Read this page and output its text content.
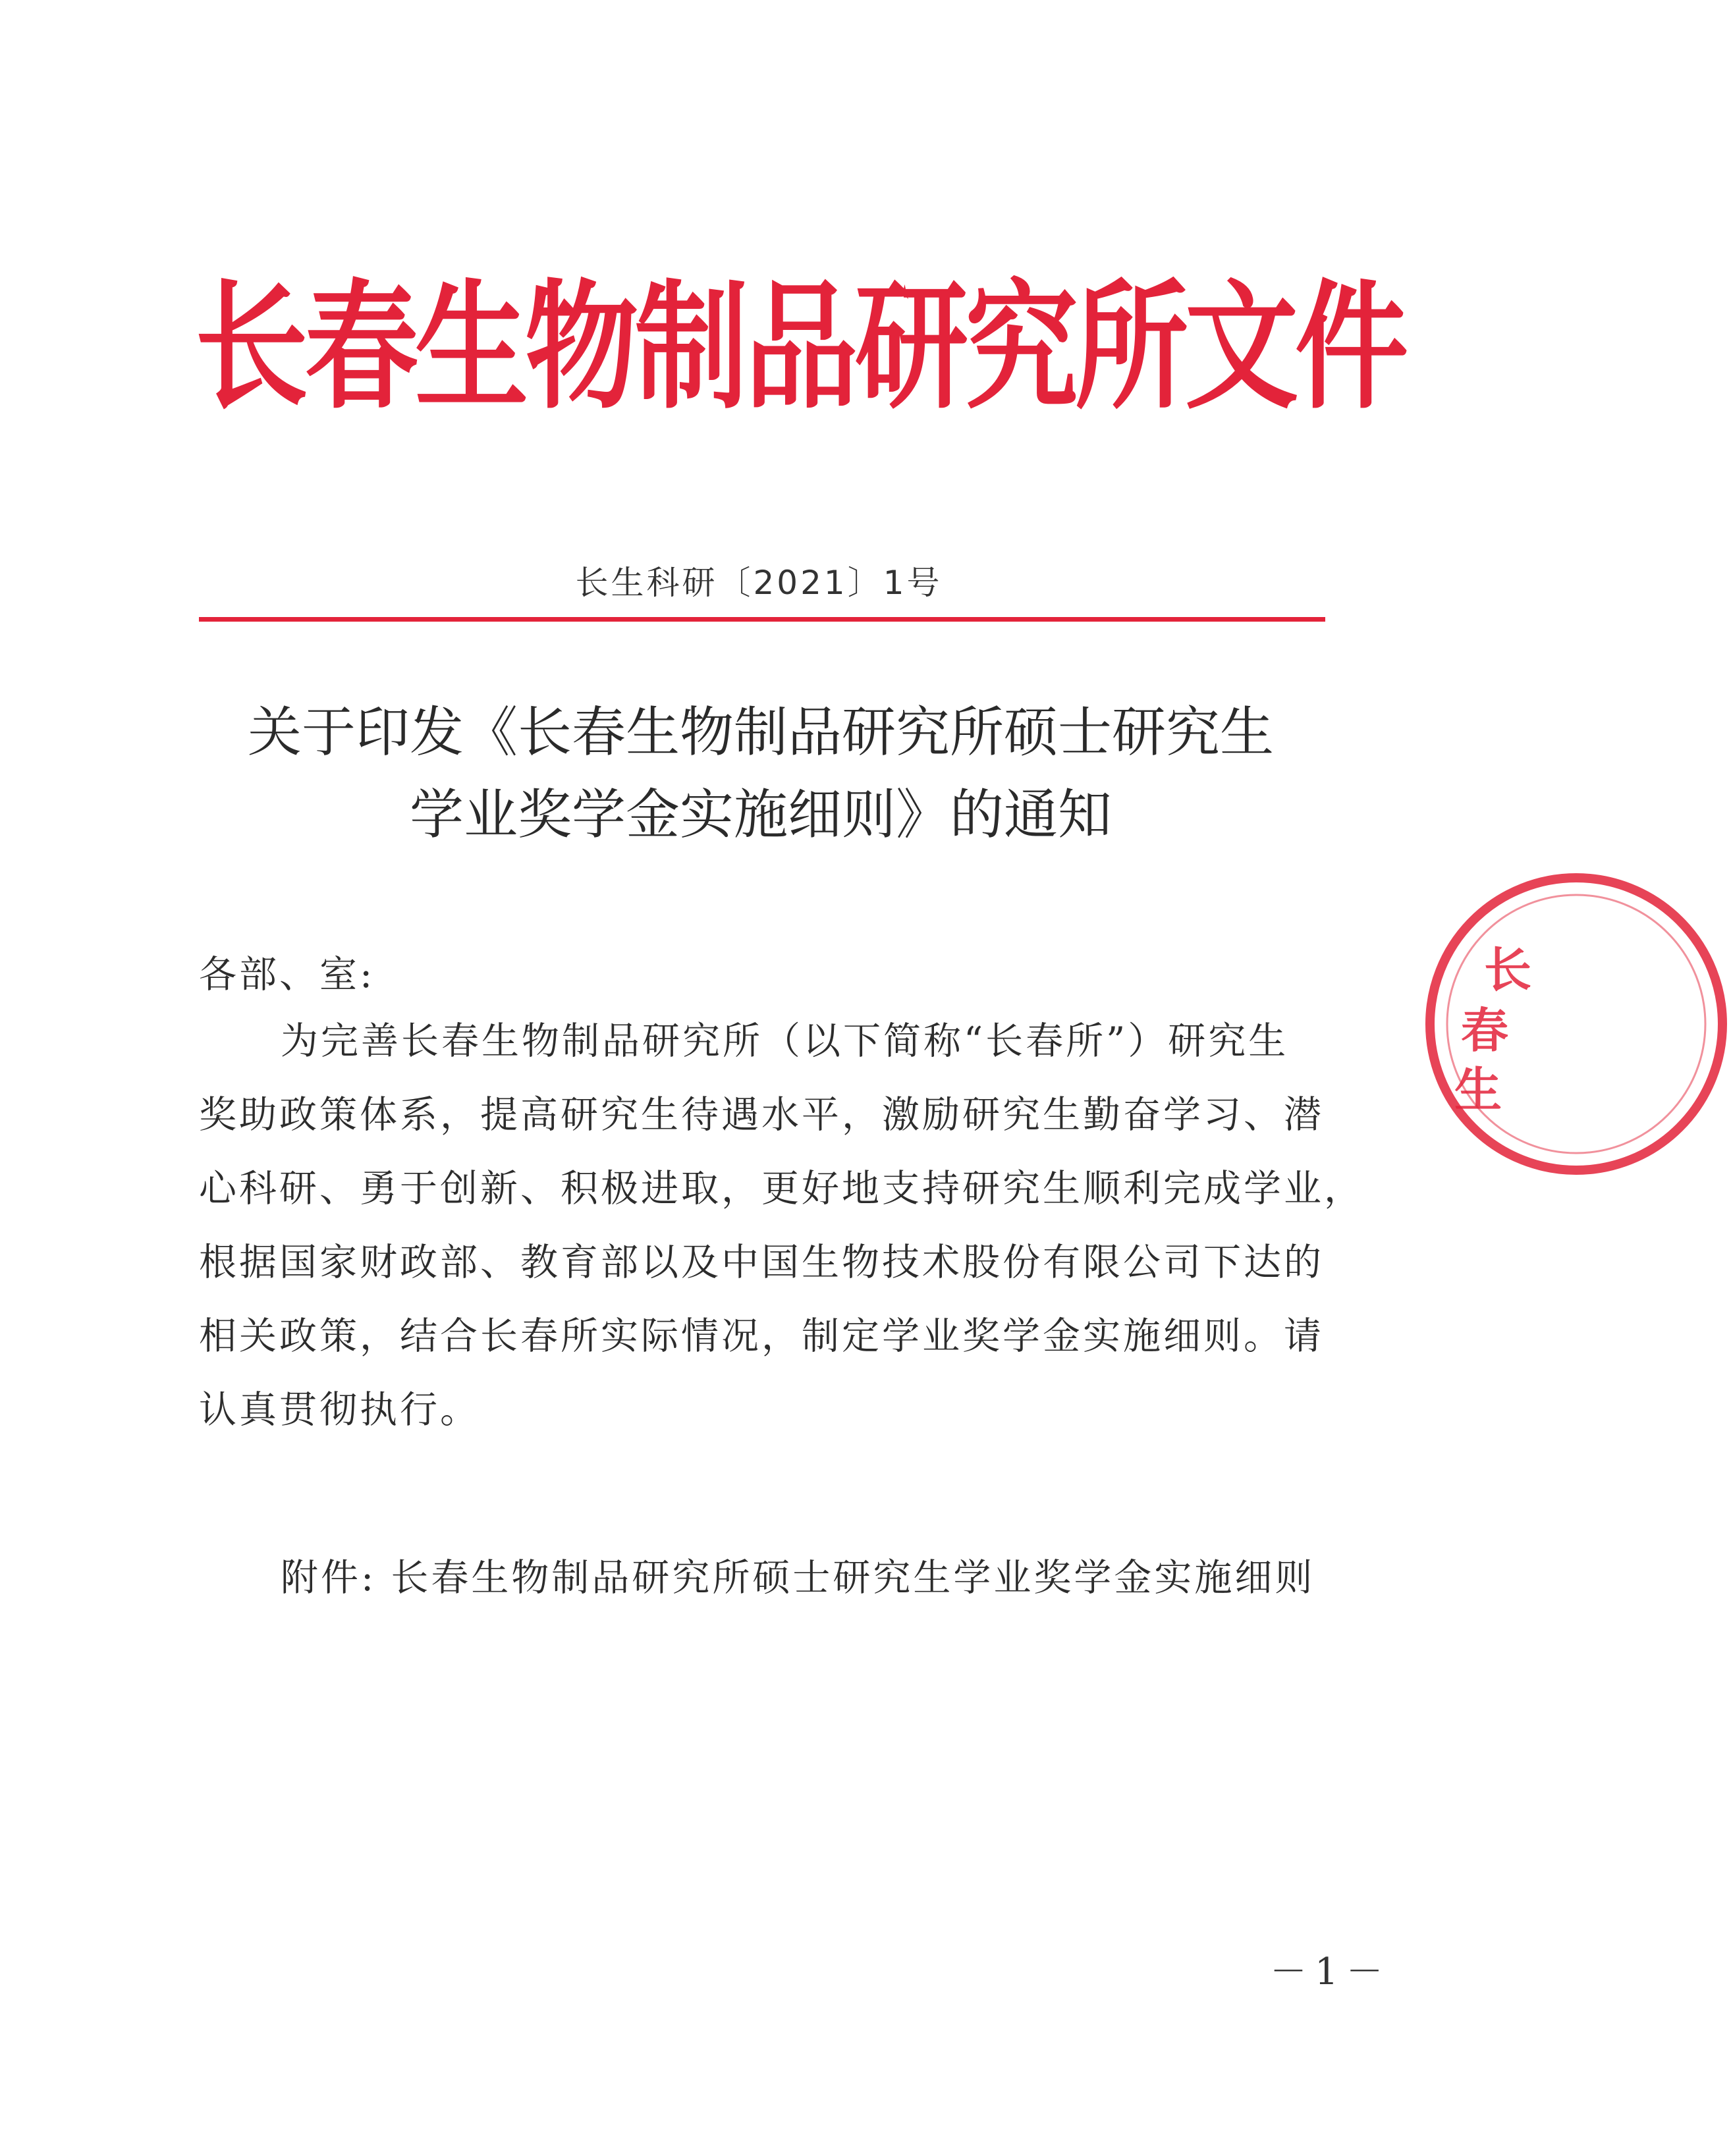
长春生物制品研究所文件
长生科研〔2021〕1号
关于印发《长春生物制品研究所硕士研究生
学业奖学金实施细则》的通知
各部、室:
为完善长春生物制品研究所（以下简称“长春所”）研究生
奖助政策体系，提高研究生待遇水平，激励研究生勤奋学习、潜
心科研、勇于创新、积极进取，更好地支持研究生顺利完成学业，
根据国家财政部、教育部以及中国生物技术股份有限公司下达的
相关政策，结合长春所实际情况，制定学业奖学金实施细则。请
认真贯彻执行。
附件: 长春生物制品研究所硕士研究生学业奖学金实施细则
－1－
长
春
生
